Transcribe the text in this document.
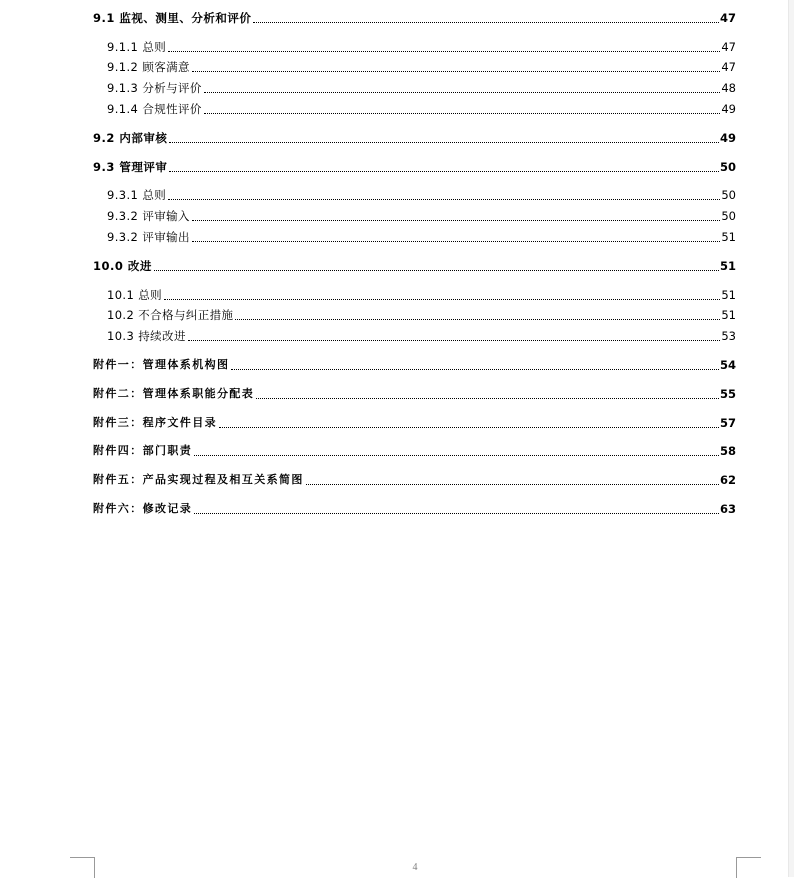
9.1 监视、测里、分析和评价	47
9.1.1 总则	47
9.1.2 顾客满意	47
9.1.3 分析与评价	48
9.1.4 合规性评价	49
9.2 内部审核	49
9.3 管理评审	50
9.3.1 总则	50
9.3.2 评审输入	50
9.3.2 评审输出	51
10.0 改进	51
10.1 总则	51
10.2 不合格与纠正措施	51
10.3 持续改进	53
附件一：管理体系机构图	54
附件二：管理体系职能分配表	55
附件三：程序文件目录	57
附件四：部门职责	58
附件五：产品实现过程及相互关系简图	62
附件六：修改记录	63
4
